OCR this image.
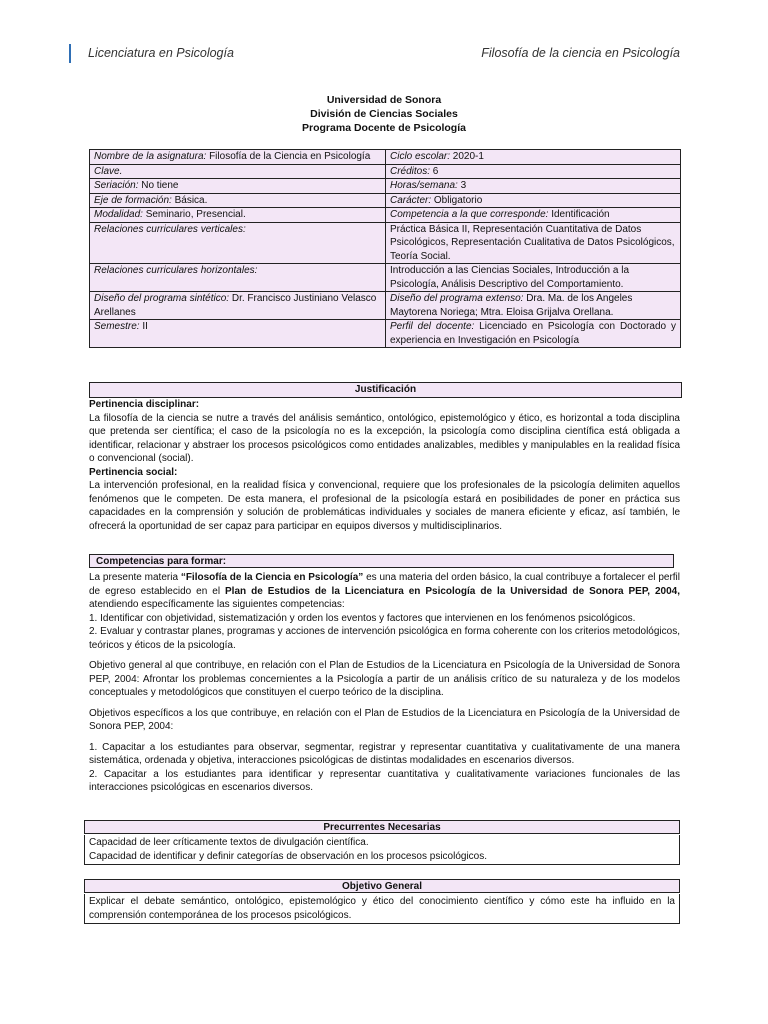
Licenciatura en Psicología	Filosofía de la ciencia en Psicología
Universidad de Sonora
División de Ciencias Sociales
Programa Docente de Psicología
Nombre de la asignatura: Filosofía de la Ciencia en Psicología	Ciclo escolar: 2020-1
Clave.	Créditos: 6
Seriación: No tiene	Horas/semana: 3
Eje de formación: Básica.	Carácter: Obligatorio
Modalidad: Seminario, Presencial.	Competencia a la que corresponde: Identificación
Relaciones curriculares verticales:	Práctica Básica II, Representación Cuantitativa de Datos Psicológicos, Representación Cualitativa de Datos Psicológicos, Teoría Social.
Relaciones curriculares horizontales:	Introducción a las Ciencias Sociales, Introducción a la Psicología, Análisis Descriptivo del Comportamiento.
Diseño del programa sintético: Dr. Francisco Justiniano Velasco Arellanes	Diseño del programa extenso: Dra. Ma. de los Angeles Maytorena Noriega; Mtra. Eloisa Grijalva Orellana.
Semestre: II	Perfil del docente: Licenciado en Psicología con Doctorado y experiencia en Investigación en Psicología
Justificación

Pertinencia disciplinar:

La filosofía de la ciencia se nutre a través del análisis semántico, ontológico, epistemológico y ético, es horizontal a toda disciplina que pretenda ser científica; el caso de la psicología no es la excepción, la psicología como disciplina científica está obligada a identificar, relacionar y abstraer los procesos psicológicos como entidades analizables, medibles y manipulables en la realidad física o convencional (social).

Pertinencia social:

La intervención profesional, en la realidad física y convencional, requiere que los profesionales de la psicología delimiten aquellos fenómenos que le competen. De esta manera, el profesional de la psicología estará en posibilidades de poner en práctica sus capacidades en la comprensión y solución de problemáticas individuales y sociales de manera eficiente y eficaz, así también, le ofrecerá la oportunidad de ser capaz para participar en equipos diversos y multidisciplinarios.

Competencias para formar:

La presente materia “Filosofía de la Ciencia en Psicología” es una materia del orden básico, la cual contribuye a fortalecer el perfil de egreso establecido en el Plan de Estudios de la Licenciatura en Psicología de la Universidad de Sonora PEP, 2004, atendiendo específicamente las siguientes competencias:

1. Identificar con objetividad, sistematización y orden los eventos y factores que intervienen en los fenómenos psicológicos.

2. Evaluar y contrastar planes, programas y acciones de intervención psicológica en forma coherente con los criterios metodológicos, teóricos y éticos de la psicología.

Objetivo general al que contribuye, en relación con el Plan de Estudios de la Licenciatura en Psicología de la Universidad de Sonora PEP, 2004: Afrontar los problemas concernientes a la Psicología a partir de un análisis crítico de su naturaleza y de los modelos conceptuales y metodológicos que constituyen el cuerpo teórico de la disciplina.

Objetivos específicos a los que contribuye, en relación con el Plan de Estudios de la Licenciatura en Psicología de la Universidad de Sonora PEP, 2004:

1. Capacitar a los estudiantes para observar, segmentar, registrar y representar cuantitativa y cualitativamente de una manera sistemática, ordenada y objetiva, interacciones psicológicas de distintas modalidades en escenarios diversos.

2. Capacitar a los estudiantes para identificar y representar cuantitativa y cualitativamente variaciones funcionales de las interacciones psicológicas en escenarios diversos.

Precurrentes Necesarias

Capacidad de leer críticamente textos de divulgación científica.

Capacidad de identificar y definir categorías de observación en los procesos psicológicos.

Objetivo General

Explicar el debate semántico, ontológico, epistemológico y ético del conocimiento científico y cómo este ha influido en la comprensión contemporánea de los procesos psicológicos.
